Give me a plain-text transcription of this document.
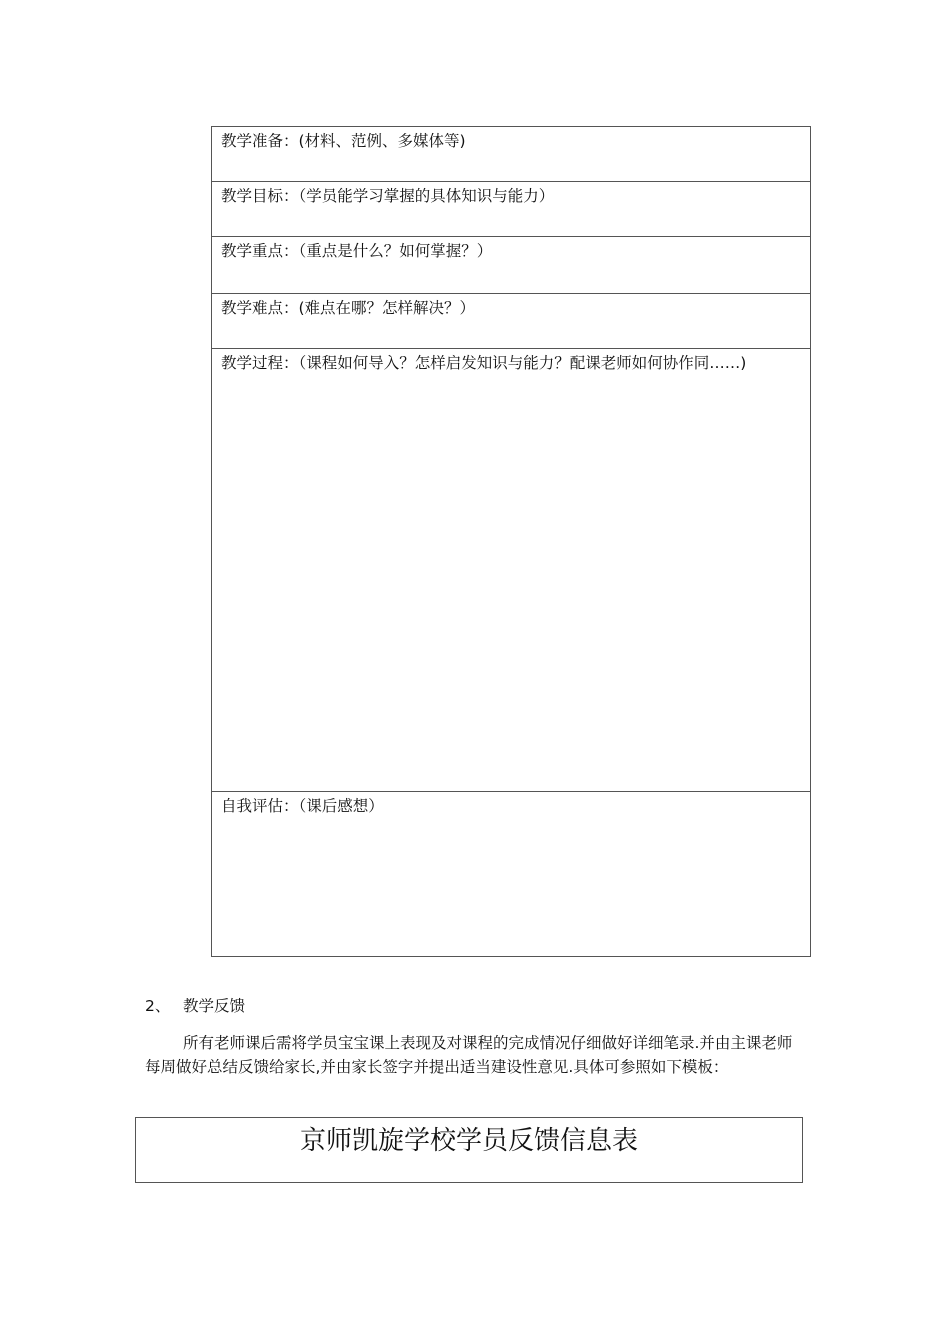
教学准备：(材料、范例、多媒体等)
教学目标：（学员能学习掌握的具体知识与能力）
教学重点：（重点是什么？如何掌握？）
教学难点：(难点在哪？怎样解决？）
教学过程：（课程如何导入？怎样启发知识与能力？配课老师如何协作同……)
自我评估：（课后感想）
2、 教学反馈
所有老师课后需将学员宝宝课上表现及对课程的完成情况仔细做好详细笔录.并由主课老师每周做好总结反馈给家长,并由家长签字并提出适当建设性意见.具体可参照如下模板：
京师凯旋学校学员反馈信息表
